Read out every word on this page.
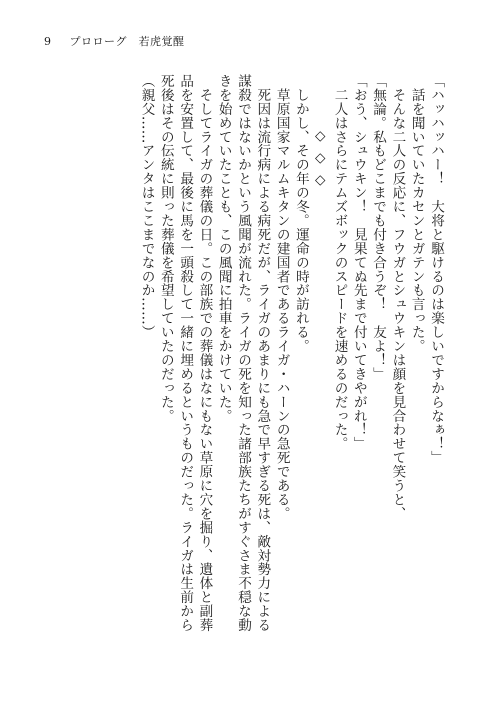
9 プロローグ　若虎覚醒
「ハッハッハー！　大将と駆けるのは楽しいですからなぁ！」
　話を聞いていたカセンとガテンも言った。
　そんな二人の反応に、フウガとシュウキンは顔を見合わせて笑うと、
「無論。私もどこまでも付き合うぞ！　友よ！」
「おう、シュウキン！　見果てぬ先まで付いてきやがれ！」
　二人はさらにテムズボックのスピードを速めるのだった。
◇◇◇
　しかし、その年の冬。運命の時が訪れる。
　草原国家マルムキタンの建国者であるライガ・ハーンの急死である。
　死因は流行病による病死だが、ライガのあまりにも急で早すぎる死は、敵対勢力による
謀殺ではないかという風聞が流れた。ライガの死を知った諸部族たちがすぐさま不穏な動
きを始めていたことも、この風聞に拍車をかけていた。
　そしてライガの葬儀の日。この部族での葬儀はなにもない草原に穴を掘り、遺体と副葬
品を安置して、最後に馬を一頭殺して一緒に埋めるというものだった。ライガは生前から
死後はその伝統に則った葬儀を希望していたのだった。
（親父……アンタはここまでなのか……）
